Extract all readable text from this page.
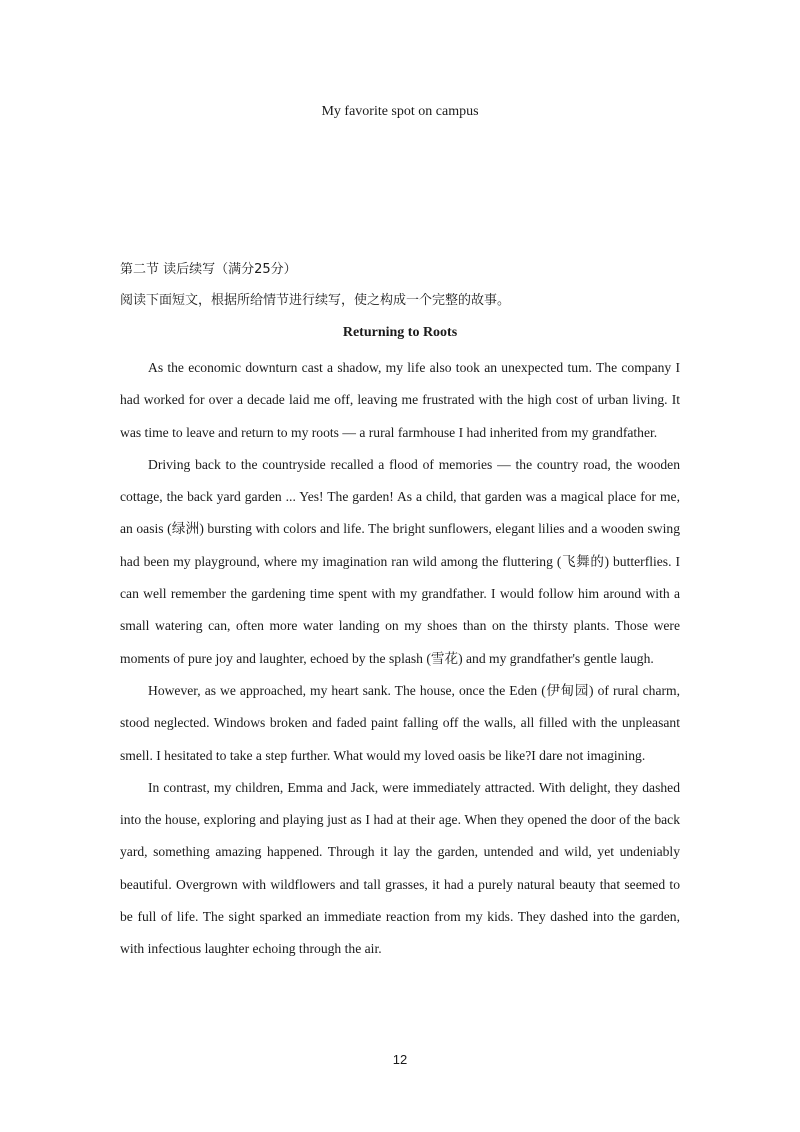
My favorite spot on campus
第二节 读后续写（满分25分）
阅读下面短文，根据所给情节进行续写，使之构成一个完整的故事。
Returning to Roots

As the economic downturn cast a shadow, my life also took an unexpected tum. The company I had worked for over a decade laid me off, leaving me frustrated with the high cost of urban living. It was time to leave and return to my roots — a rural farmhouse I had inherited from my grandfather.

Driving back to the countryside recalled a flood of memories — the country road, the wooden cottage, the back yard garden ... Yes! The garden! As a child, that garden was a magical place for me, an oasis (绿洲) bursting with colors and life. The bright sunflowers, elegant lilies and a wooden swing had been my playground, where my imagination ran wild among the fluttering (飞舞的) butterflies. I can well remember the gardening time spent with my grandfather. I would follow him around with a small watering can, often more water landing on my shoes than on the thirsty plants. Those were moments of pure joy and laughter, echoed by the splash (雪花) and my grandfather's gentle laugh.

However, as we approached, my heart sank. The house, once the Eden (伊甸园) of rural charm, stood neglected. Windows broken and faded paint falling off the walls, all filled with the unpleasant smell. I hesitated to take a step further. What would my loved oasis be like?I dare not imagining.

In contrast, my children, Emma and Jack, were immediately attracted. With delight, they dashed into the house, exploring and playing just as I had at their age. When they opened the door of the back yard, something amazing happened. Through it lay the garden, untended and wild, yet undeniably beautiful. Overgrown with wildflowers and tall grasses, it had a purely natural beauty that seemed to be full of life. The sight sparked an immediate reaction from my kids. They dashed into the garden, with infectious laughter echoing through the air.

12
